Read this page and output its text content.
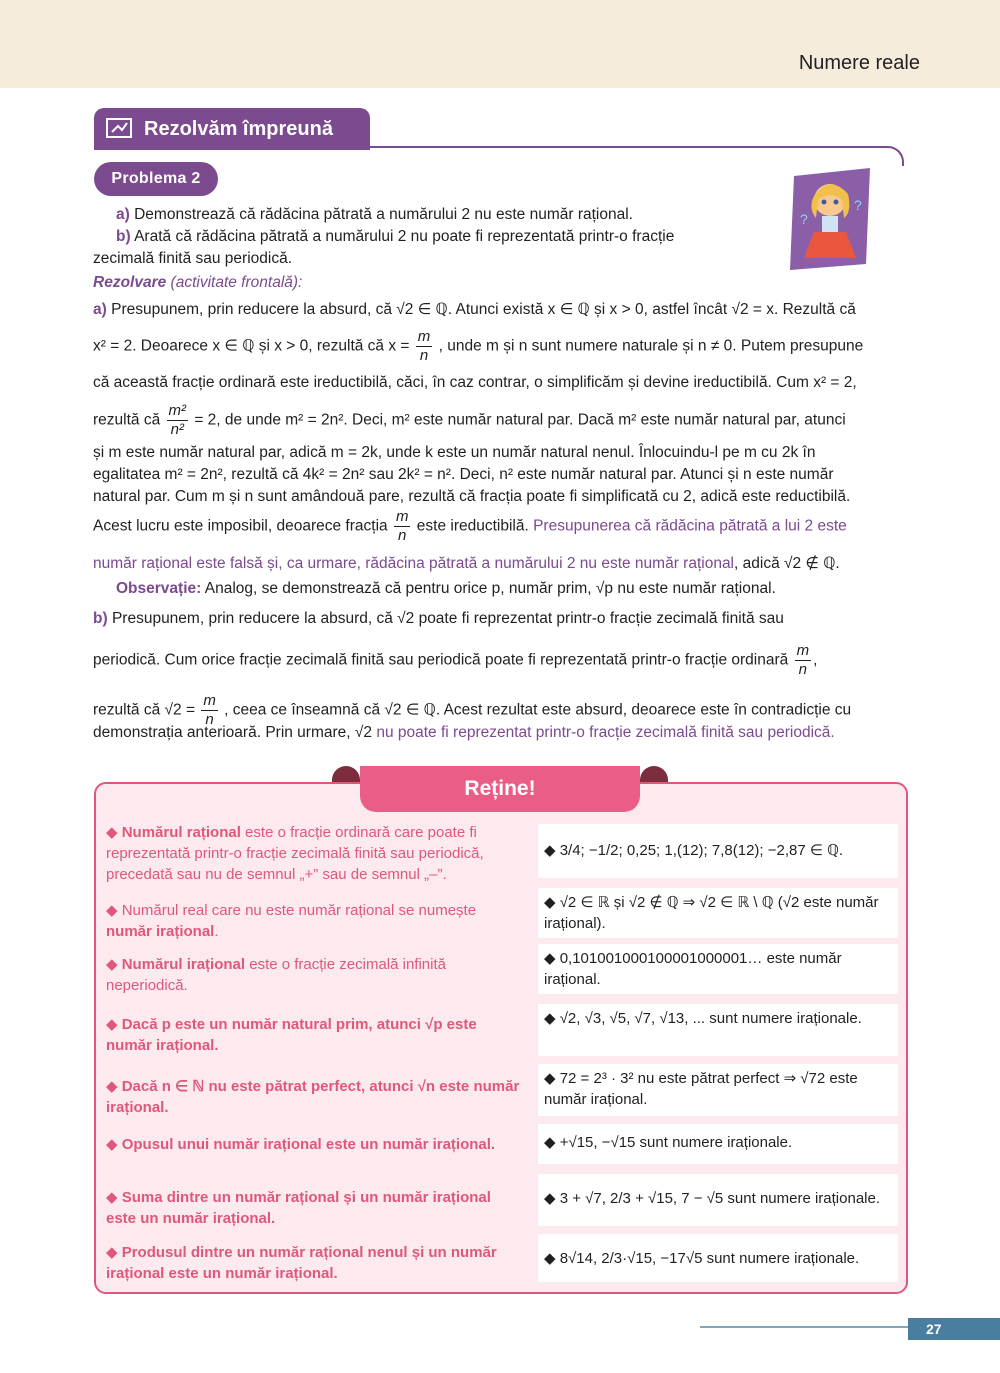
Numere reale
Rezolvăm împreună
Problema 2
?
?
a) Demonstrează că rădăcina pătrată a numărului 2 nu este număr rațional.
b) Arată că rădăcina pătrată a numărului 2 nu poate fi reprezentată printr-o fracție
zecimală finită sau periodică.
Rezolvare (activitate frontală):
a) Presupunem, prin reducere la absurd, că √2 ∈ ℚ. Atunci există x ∈ ℚ și x > 0, astfel încât √2 = x. Rezultă că
x² = 2. Deoarece x ∈ ℚ și x > 0, rezultă că $x = \frac{m}{n}$ , unde m și n sunt numere naturale și n ≠ 0. Putem presupune
că această fracție ordinară este ireductibilă, căci, în caz contrar, o simplificăm și devine ireductibilă. Cum x² = 2,
rezultă că $\frac{\text{m²}}{\text{n²}} = 2$, de unde m² = 2n². Deci, m² este număr natural par. Dacă m² este număr natural par, atunci
și m este număr natural par, adică m = 2k, unde k este un număr natural nenul. Înlocuindu-l pe m cu 2k în
egalitatea m² = 2n², rezultă că 4k² = 2n² sau 2k² = n². Deci, n² este număr natural par. Atunci și n este număr
natural par. Cum m și n sunt amândouă pare, rezultă că fracția poate fi simplificată cu 2, adică este reductibilă.
Acest lucru este imposibil, deoarece fracția $\frac{m}{n}$ este ireductibilă. Presupunerea că rădăcina pătrată a lui 2 este
număr rațional este falsă și, ca urmare, rădăcina pătrată a numărului 2 nu este număr rațional, adică √2 ∉ ℚ.
Observație: Analog, se demonstrează că pentru orice p, număr prim, √p nu este număr rațional.
b) Presupunem, prin reducere la absurd, că √2 poate fi reprezentat printr-o fracție zecimală finită sau
periodică. Cum orice fracție zecimală finită sau periodică poate fi reprezentată printr-o fracție ordinară $\frac{m}{n}$ ,
rezultă că $√2 = \frac{m}{n}$ , ceea ce înseamnă că √2 ∈ ℚ. Acest rezultat este absurd, deoarece este în contradicție cu
demonstrația anterioară. Prin urmare, √2 nu poate fi reprezentat printr-o fracție zecimală finită sau periodică.
Reține!
◆ Numărul rațional este o fracție ordinară care poate fi reprezentată printr-o fracție zecimală finită sau periodică, precedată sau nu de semnul „+” sau de semnul „–”.
◆ 3/4; −1/2; 0,25; 1,(12); 7,8(12); −2,87 ∈ ℚ.
◆ Numărul real care nu este număr rațional se numește număr irațional.
◆ √2 ∈ ℝ și √2 ∉ ℚ ⇒ √2 ∈ ℝ \ ℚ (√2 este număr irațional).
◆ Numărul irațional este o fracție zecimală infinită neperiodică.
◆ 0,101001000100001000001… este număr irațional.
◆ Dacă p este un număr natural prim, atunci √p este număr irațional.
◆ √2, √3, √5, √7, √13, ... sunt numere iraționale.
◆ Dacă n ∈ ℕ nu este pătrat perfect, atunci √n este număr irațional.
◆ 72 = 2³ · 3² nu este pătrat perfect ⇒ √72 este număr irațional.
◆ Opusul unui număr irațional este un număr irațional.	◆ +√15, −√15 sunt numere iraționale.
◆ Suma dintre un număr rațional și un număr irațional este un număr irațional.
◆ 3 + √7, 2/3 + √15, 7 − √5 sunt numere iraționale.
◆ Produsul dintre un număr rațional nenul și un număr irațional este un număr irațional.
◆ 8√14, 2/3·√15, −17√5 sunt numere iraționale.
27
